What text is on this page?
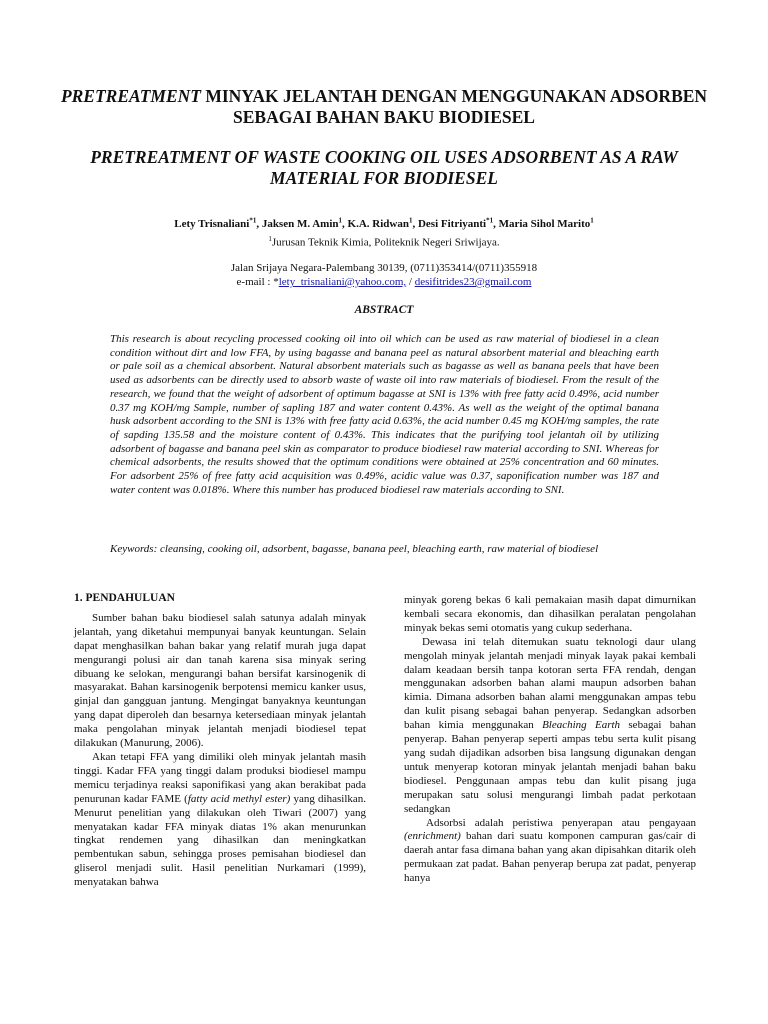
PRETREATMENT MINYAK JELANTAH DENGAN MENGGUNAKAN ADSORBEN SEBAGAI BAHAN BAKU BIODIESEL
PRETREATMENT OF WASTE COOKING OIL USES ADSORBENT AS A RAW MATERIAL FOR BIODIESEL
Lety Trisnaliani$^{*1}$, Jaksen M. Amin$^1$, K.A. Ridwan$^1$, Desi Fitriyanti$^{*1}$, Maria Sihol Marito$^1$
$^1$Jurusan Teknik Kimia, Politeknik Negeri Sriwijaya.
Jalan Srijaya Negara-Palembang 30139, (0711)353414/(0711)355918
e-mail : *lety_trisnaliani@yahoo.com, / desifitrides23@gmail.com
ABSTRACT
This research is about recycling processed cooking oil into oil which can be used as raw material of biodiesel in a clean condition without dirt and low FFA, by using bagasse and banana peel as natural absorbent material and bleaching earth or pale soil as a chemical absorbent. Natural absorbent materials such as bagasse as well as banana peels that have been used as adsorbents can be directly used to absorb waste of waste oil into raw materials of biodiesel. From the result of the research, we found that the weight of adsorbent of optimum bagasse at SNI is 13% with free fatty acid 0.49%, acid number 0.37 mg KOH/mg Sample, number of sapling 187 and water content 0.43%. As well as the weight of the optimal banana husk adsorbent according to the SNI is 13% with free fatty acid 0.63%, the acid number 0.45 mg KOH/mg samples, the rate of sapding 135.58 and the moisture content of 0.43%. This indicates that the purifying tool jelantah oil by utilizing adsorbent of bagasse and banana peel skin as comparator to produce biodiesel raw material according to SNI. Whereas for chemical adsorbents, the results showed that the optimum conditions were obtained at 25% concentration and 60 minutes. For adsorbent 25% of free fatty acid acquisition was 0.49%, acidic value was 0.37, saponification number was 187 and water content was 0.018%. Where this number has produced biodiesel raw materials according to SNI.
Keywords: cleansing, cooking oil, adsorbent, bagasse, banana peel, bleaching earth, raw material of biodiesel
1. PENDAHULUAN

Sumber bahan baku biodiesel salah satunya adalah minyak jelantah, yang diketahui mempunyai banyak keuntungan. Selain dapat menghasilkan bahan bakar yang relatif murah juga dapat mengurangi polusi air dan tanah karena sisa minyak sering dibuang ke selokan, mengurangi bahan bersifat karsinogenik di masyarakat. Bahan karsinogenik berpotensi memicu kanker usus, ginjal dan gangguan jantung. Mengingat banyaknya keuntungan yang dapat diperoleh dan besarnya ketersediaan minyak jelantah maka pengolahan minyak jelantah menjadi biodiesel tepat dilakukan (Manurung, 2006).

Akan tetapi FFA yang dimiliki oleh minyak jelantah masih tinggi. Kadar FFA yang tinggi dalam produksi biodiesel mampu memicu terjadinya reaksi saponifikasi yang akan berakibat pada penurunan kadar FAME (fatty acid methyl ester) yang dihasilkan. Menurut penelitian yang dilakukan oleh Tiwari (2007) yang menyatakan kadar FFA minyak diatas 1% akan menurunkan tingkat rendemen yang dihasilkan dan meningkatkan pembentukan sabun, sehingga proses pemisahan biodiesel dan gliserol menjadi sulit. Hasil penelitian Nurkamari (1999), menyatakan bahwa

minyak goreng bekas 6 kali pemakaian masih dapat dimurnikan kembali secara ekonomis, dan dihasilkan peralatan pengolahan minyak bekas semi otomatis yang cukup sederhana.

Dewasa ini telah ditemukan suatu teknologi daur ulang mengolah minyak jelantah menjadi minyak layak pakai kembali dalam keadaan bersih tanpa kotoran serta FFA rendah, dengan menggunakan adsorben bahan alami maupun adsorben bahan kimia. Dimana adsorben bahan alami menggunakan ampas tebu dan kulit pisang sebagai bahan penyerap. Sedangkan adsorben bahan kimia menggunakan Bleaching Earth sebagai bahan penyerap. Bahan penyerap seperti ampas tebu serta kulit pisang yang sudah dijadikan adsorben bisa langsung digunakan dengan untuk menyerap kotoran minyak jelantah menjadi bahan baku biodiesel. Penggunaan ampas tebu dan kulit pisang juga merupakan satu solusi mengurangi limbah padat perkotaan sedangkan

Adsorbsi adalah peristiwa penyerapan atau pengayaan (enrichment) bahan dari suatu komponen campuran gas/cair di daerah antar fasa dimana bahan yang akan dipisahkan ditarik oleh permukaan zat padat. Bahan penyerap berupa zat padat, penyerap hanya
